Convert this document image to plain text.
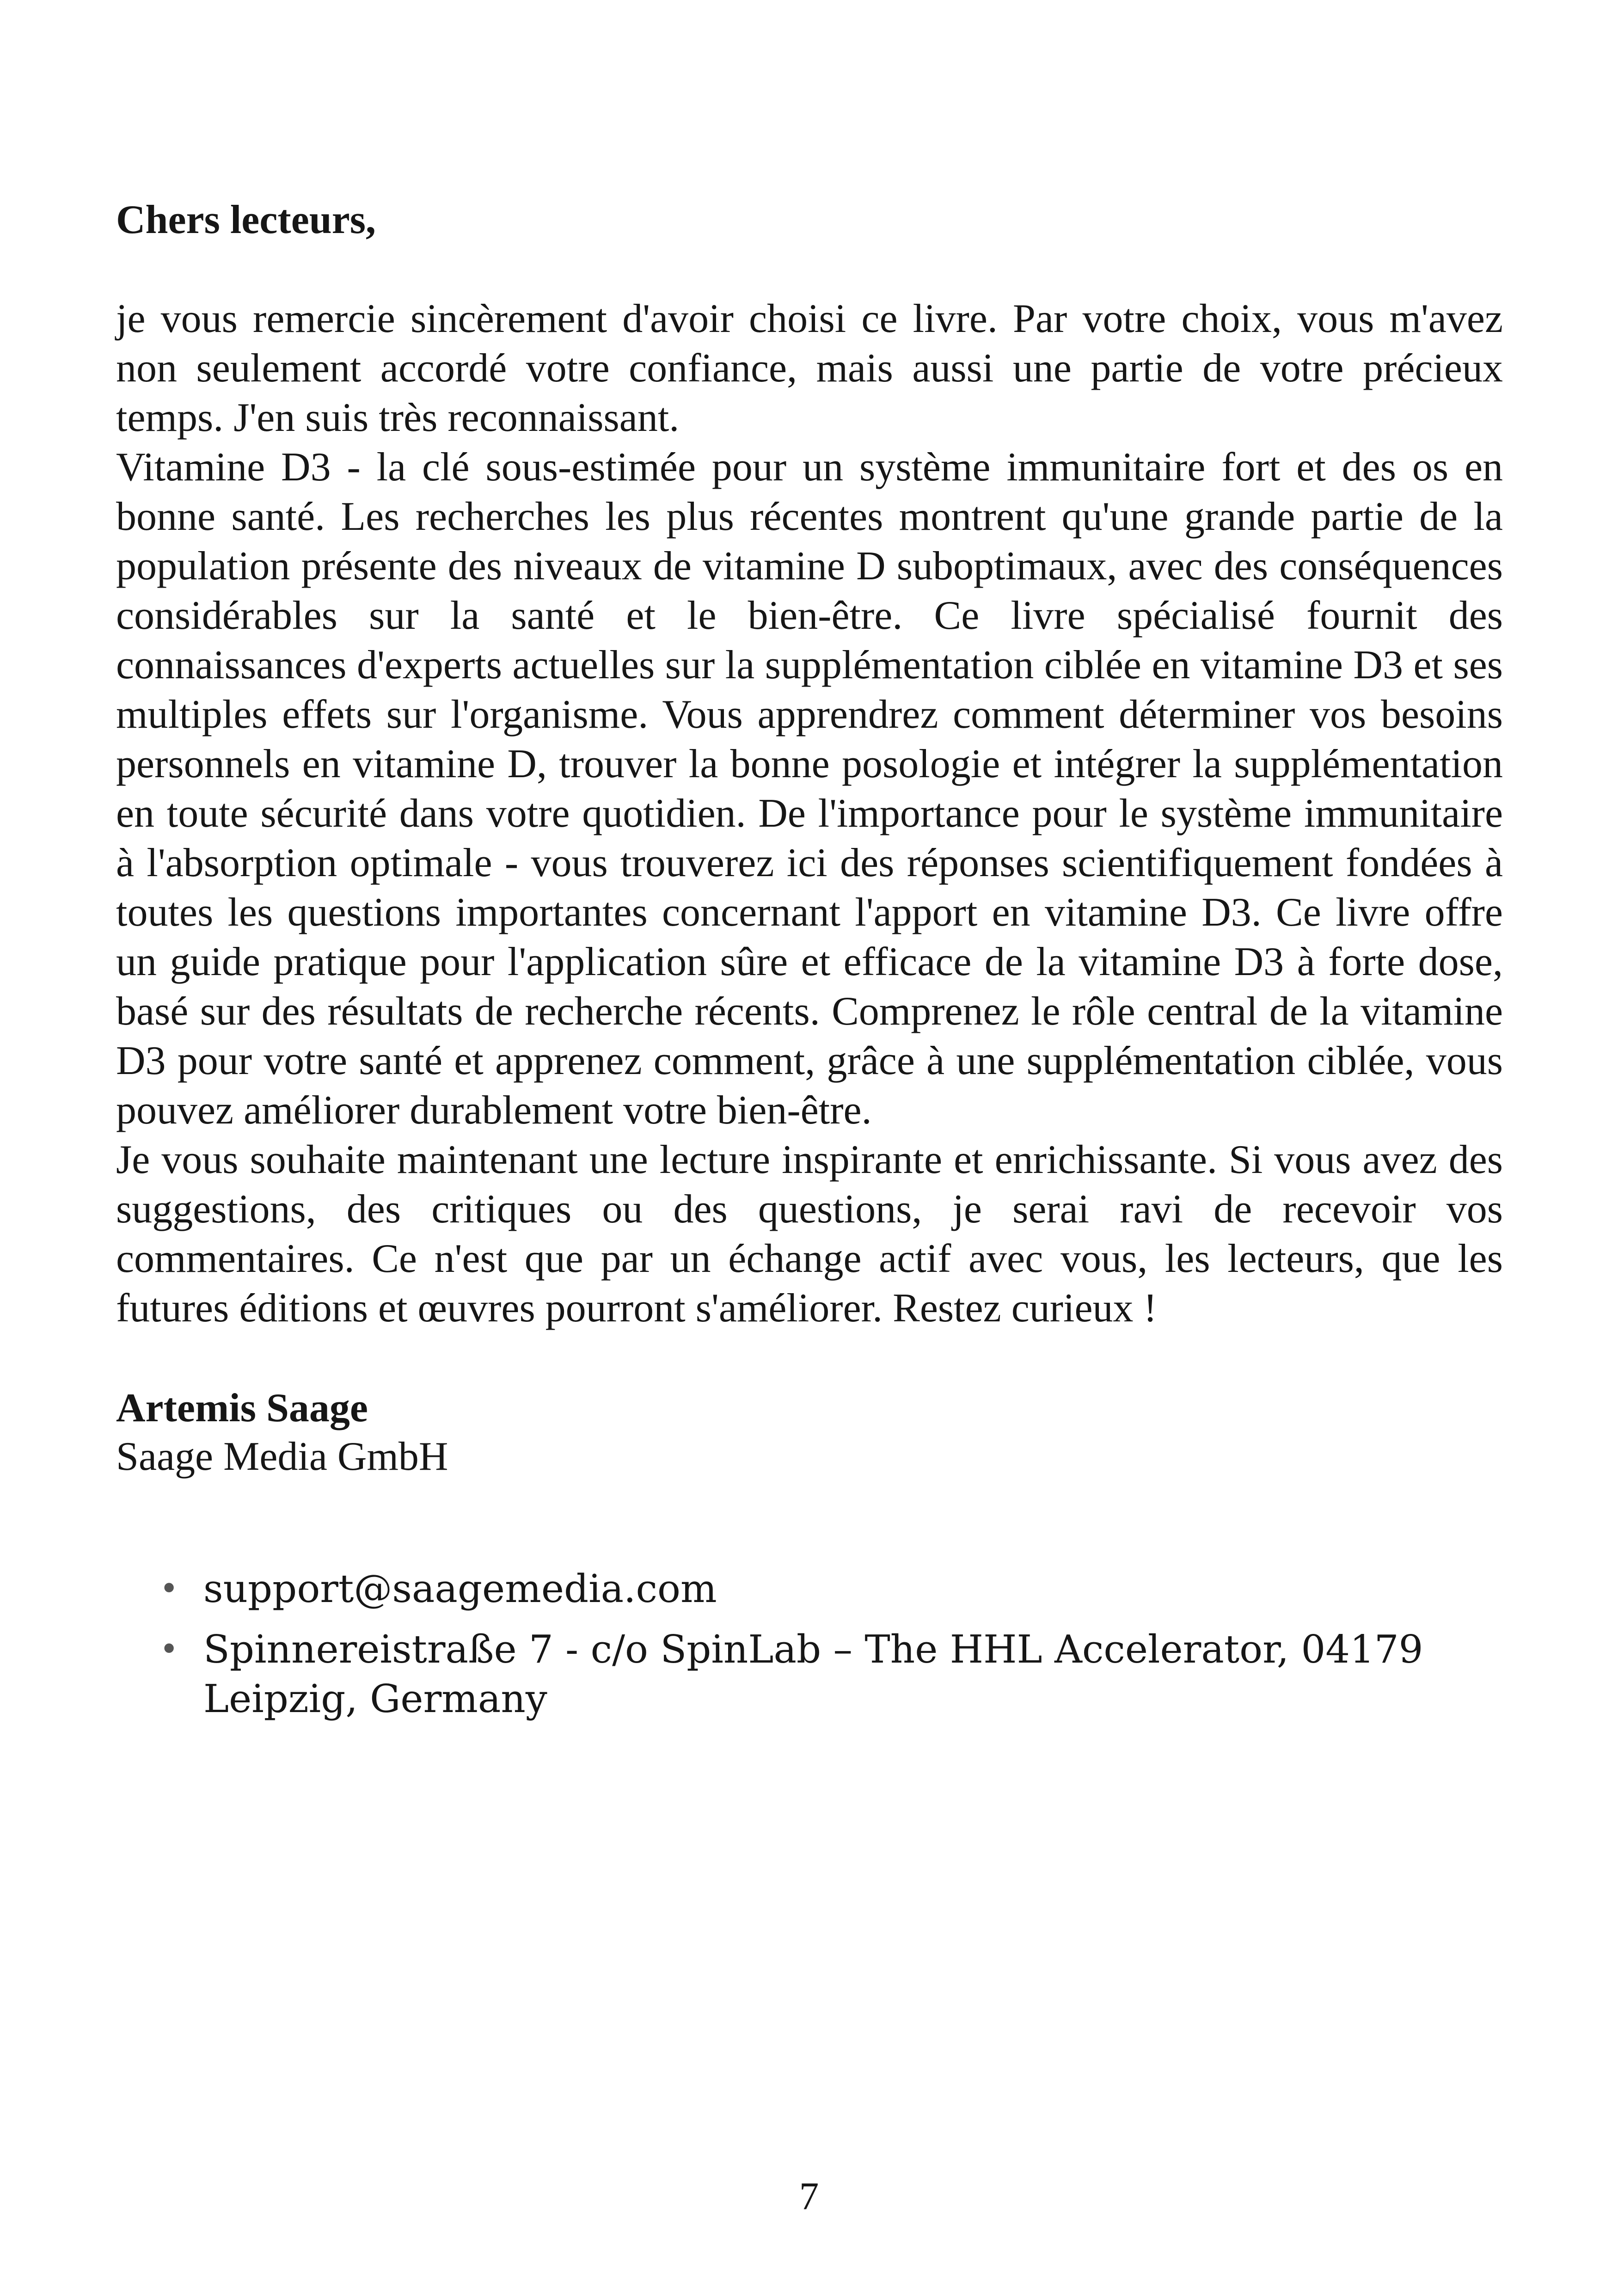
Chers lecteurs,

je vous remercie sincèrement d'avoir choisi ce livre. Par votre choix, vous m'avez non seulement accordé votre confiance, mais aussi une partie de votre précieux temps. J'en suis très reconnaissant.

Vitamine D3 - la clé sous-estimée pour un système immunitaire fort et des os en bonne santé. Les recherches les plus récentes montrent qu'une grande partie de la population présente des niveaux de vitamine D suboptimaux, avec des conséquences considérables sur la santé et le bien-être. Ce livre spécialisé fournit des connaissances d'experts actuelles sur la supplémentation ciblée en vitamine D3 et ses multiples effets sur l'organisme. Vous apprendrez comment déterminer vos besoins personnels en vitamine D, trouver la bonne posologie et intégrer la supplémentation en toute sécurité dans votre quotidien. De l'importance pour le système immunitaire à l'absorption optimale - vous trouverez ici des réponses scientifiquement fondées à toutes les questions importantes concernant l'apport en vitamine D3. Ce livre offre un guide pratique pour l'application sûre et efficace de la vitamine D3 à forte dose, basé sur des résultats de recherche récents. Comprenez le rôle central de la vitamine D3 pour votre santé et apprenez comment, grâce à une supplémentation ciblée, vous pouvez améliorer durablement votre bien-être.

Je vous souhaite maintenant une lecture inspirante et enrichissante. Si vous avez des suggestions, des critiques ou des questions, je serai ravi de recevoir vos commentaires. Ce n'est que par un échange actif avec vous, les lecteurs, que les futures éditions et œuvres pourront s'améliorer. Restez curieux !

Artemis Saage

Saage Media GmbH

• support@saagemedia.com
• Spinnereistraße 7 - c/o SpinLab – The HHL Accelerator, 04179 Leipzig, Germany
7
